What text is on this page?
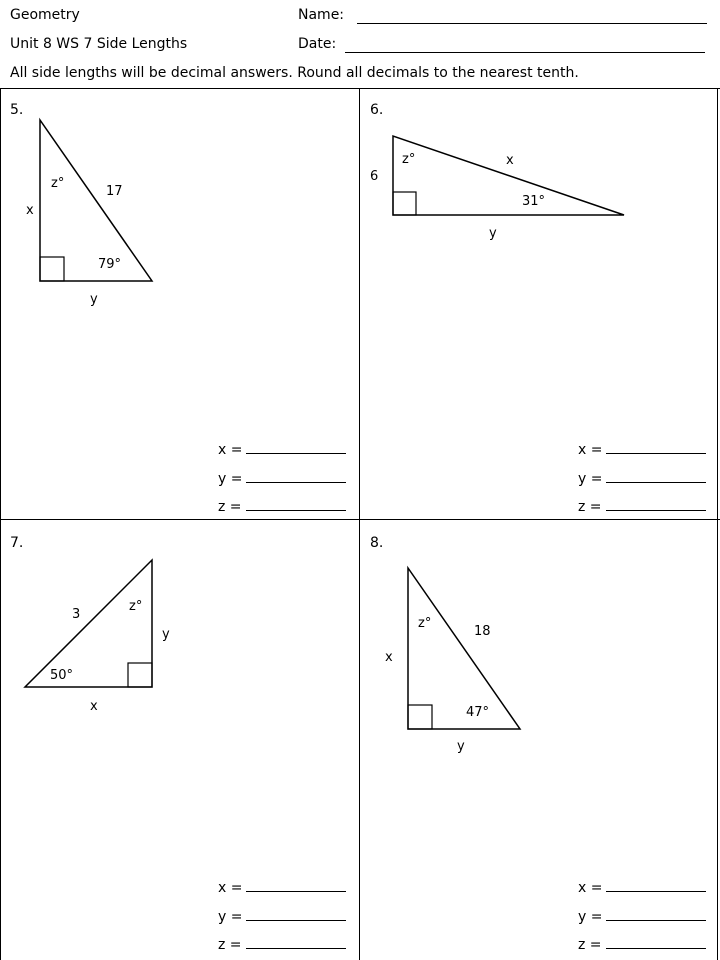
Geometry
Unit 8 WS 7 Side Lengths
Name:
Date:
All side lengths will be decimal answers. Round all decimals to the nearest tenth.
5.
z°
17
x
79°
y
x =
y =
z =
6.
z°	x
6
31°
y
x =
y =
z =
7.
3
z°
y
50°
x
x =
y =
z =
8.
z°
18
x
47°
y
x =
y =
z =
